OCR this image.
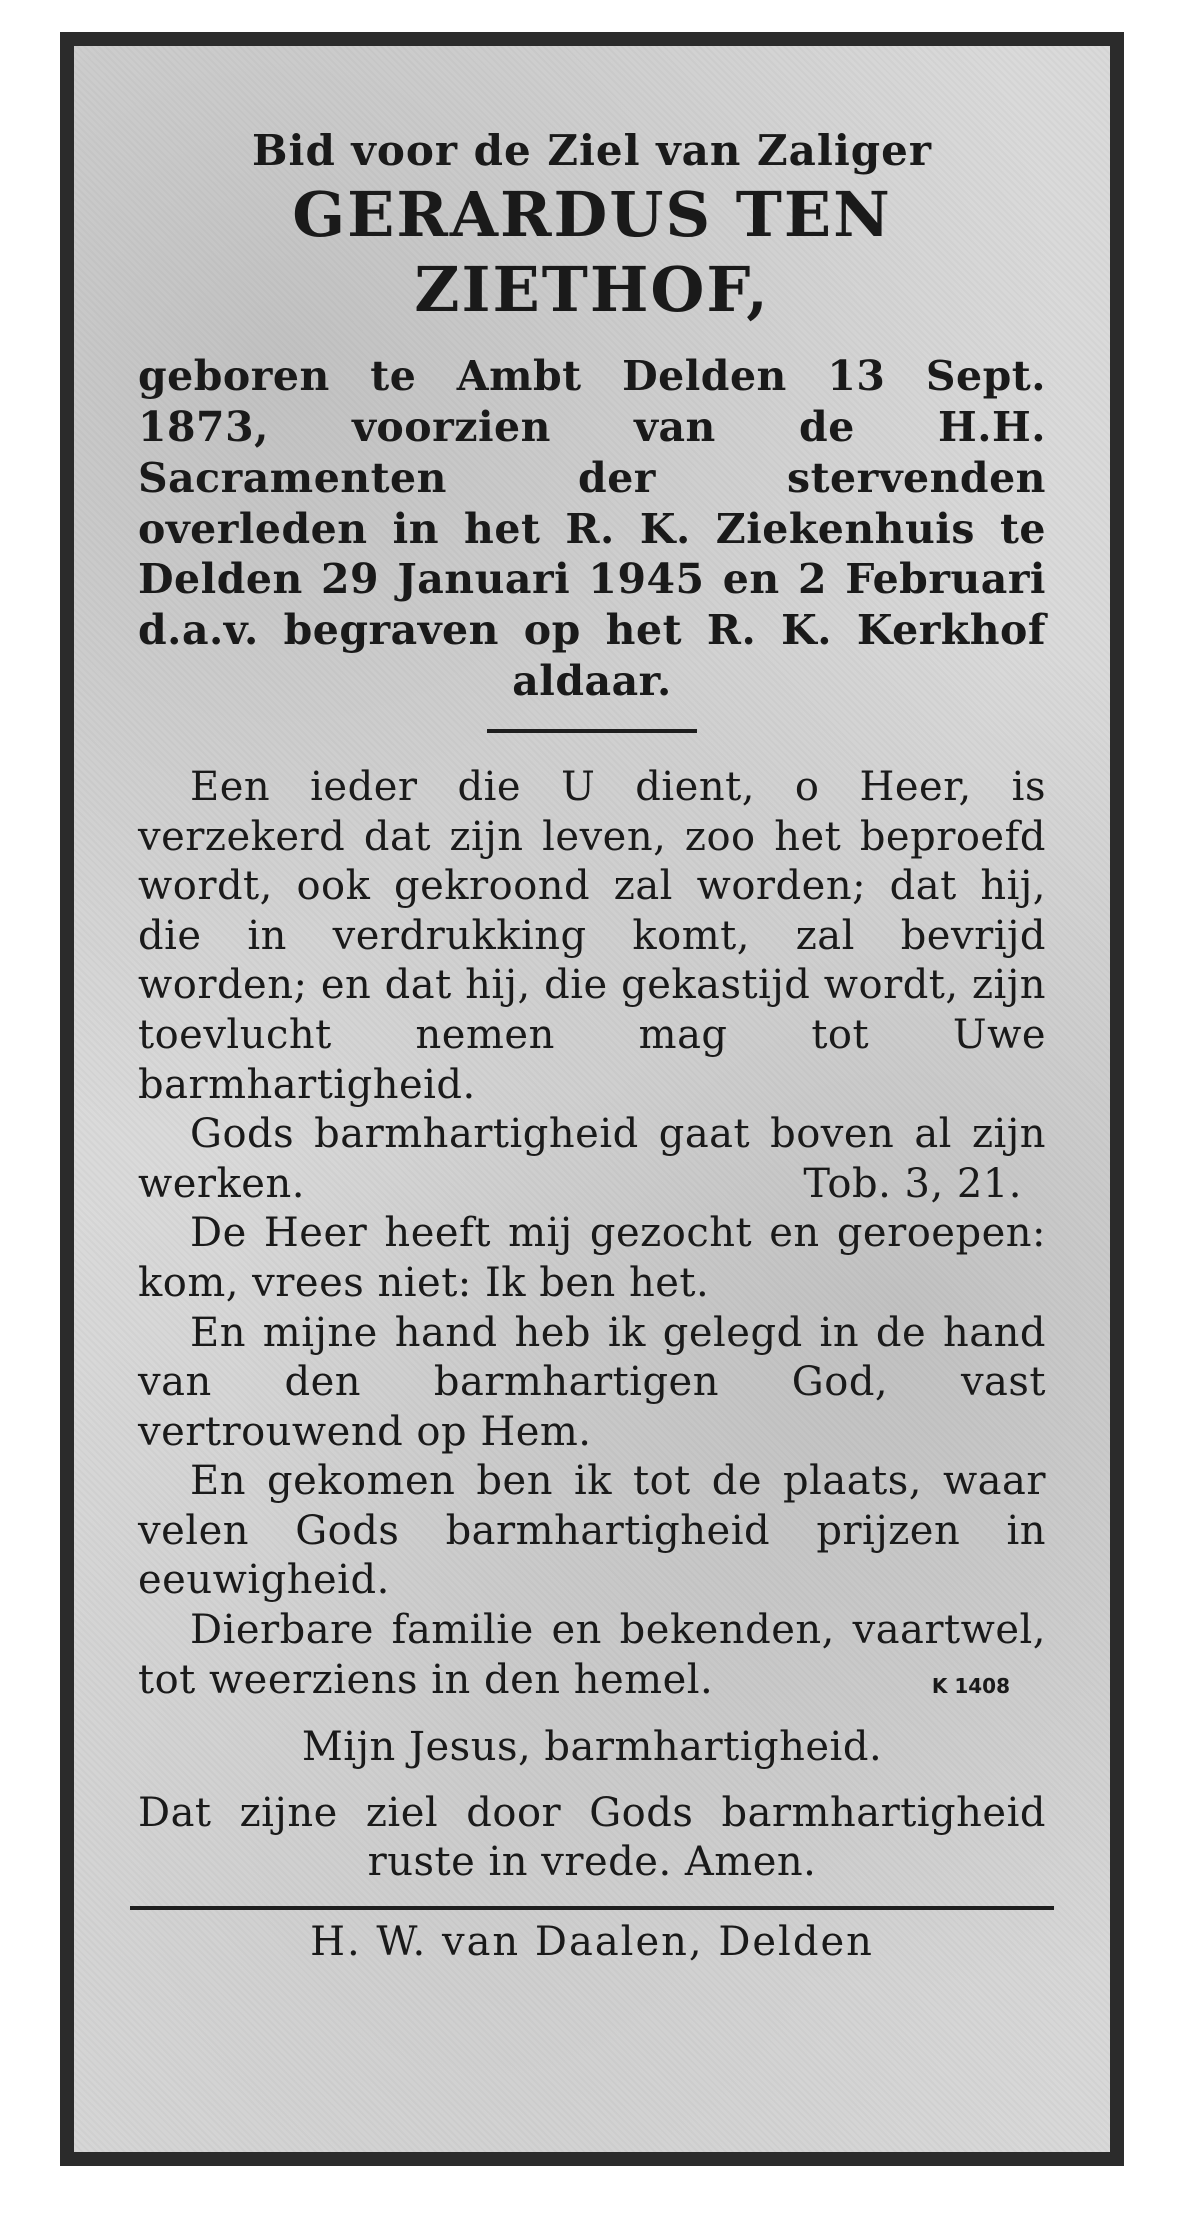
Bid voor de Ziel van Zaliger
GERARDUS TEN ZIETHOF,
geboren te Ambt Delden 13 Sept. 1873, voorzien van de H.H. Sacramenten der stervenden overleden in het R. K. Ziekenhuis te Delden 29 Januari 1945 en 2 Februari d.a.v. begraven op het R. K. Kerkhof aldaar.

Een ieder die U dient, o Heer, is verzekerd dat zijn leven, zoo het beproefd wordt, ook gekroond zal worden; dat hij, die in verdrukking komt, zal bevrijd worden; en dat hij, die gekastijd wordt, zijn toevlucht nemen mag tot Uwe barmhartigheid.

Gods barmhartigheid gaat boven al zijn werken.	Tob. 3, 21.

De Heer heeft mij gezocht en geroepen: kom, vrees niet: Ik ben het.

En mijne hand heb ik gelegd in de hand van den barmhartigen God, vast vertrouwend op Hem.

En gekomen ben ik tot de plaats, waar velen Gods barmhartigheid prijzen in eeuwigheid.

Dierbare familie en bekenden, vaartwel, tot weerziens in den hemel.	K 1408

Mijn Jesus, barmhartigheid.
Dat zijne ziel door Gods barmhartigheid ruste in vrede. Amen.
H. W. van Daalen, Delden
